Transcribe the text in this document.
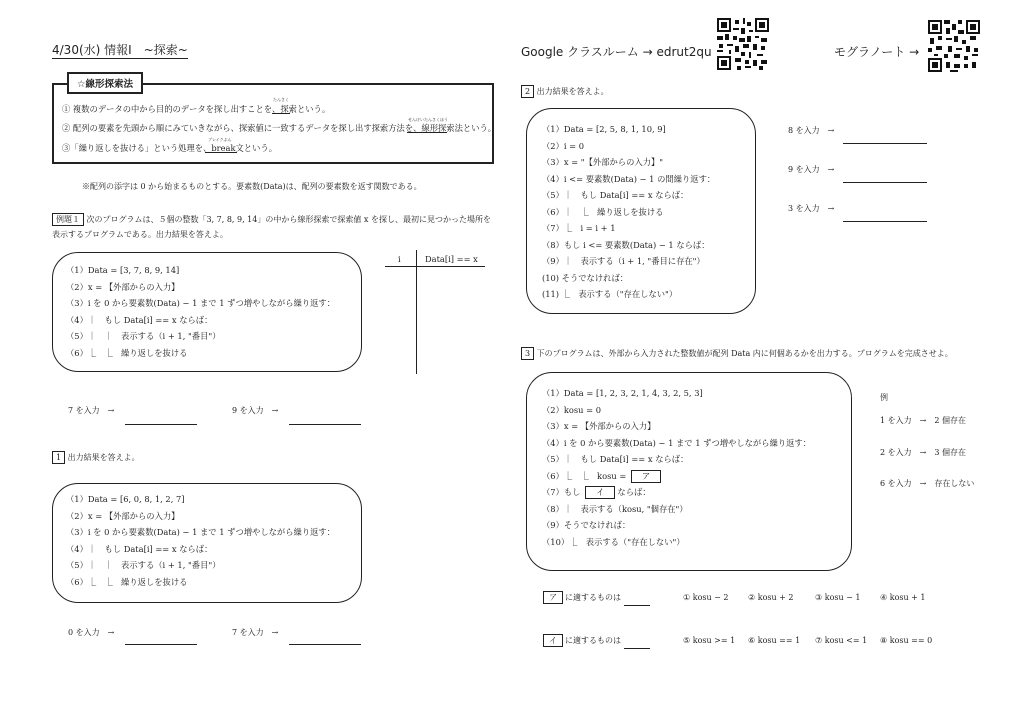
4/30(水) 情報Ⅰ　~探索~	Google クラスルーム → edrut2qu	モグラノート →
☆線形探索法
① 複数のデータの中から目的のデータを探し出すことを、探索という。
② 配列の要素を先頭から順にみていきながら、探索値に一致するデータを探し出す探索方法を、線形探索法という。
③「繰り返しを抜ける」という処理を、break文という。
たんさく
せんけいたんさくほう
ブレイクぶん
※配列の添字は 0 から始まるものとする。要素数(Data)は、配列の要素数を返す関数である。
例題１ 次のプログラムは、５個の整数「3, 7, 8, 9, 14」の中から線形探索で探索値 x を探し、最初に見つかった場所を
表示するプログラムである。出力結果を答えよ。
（1）Data = [3, 7, 8, 9, 14]
（2）x = 【外部からの入力】
（3）i を 0 から要素数(Data) − 1 まで 1 ずつ増やしながら繰り返す：
（4）｜　もし Data[i] == x ならば：
（5）｜　｜　表示する（i + 1, "番目"）
（6）⎿　⎿　繰り返しを抜ける
i	Data[i] == x
7 を入力　→	9 を入力　→
1 出力結果を答えよ。
（1）Data = [6, 0, 8, 1, 2, 7]
（2）x = 【外部からの入力】
（3）i を 0 から要素数(Data) − 1 まで 1 ずつ増やしながら繰り返す：
（4）｜　もし Data[i] == x ならば：
（5）｜　｜　表示する（i + 1, "番目"）
（6）⎿　⎿　繰り返しを抜ける
0 を入力　→	7 を入力　→
2 出力結果を答えよ。
（1）Data = [2, 5, 8, 1, 10, 9]
（2）i = 0
（3）x = "【外部からの入力】"
（4）i <= 要素数(Data) − 1 の間繰り返す：
（5）｜　もし Data[i] == x ならば：
（6）｜　⎿　繰り返しを抜ける
（7）⎿　i = i + 1
（8）もし i <= 要素数(Data) − 1 ならば：
（9）｜　表示する（i + 1, "番目に存在"）
(10) そうでなければ：
(11) ⎿　表示する（"存在しない"）
8 を入力　→
9 を入力　→
3 を入力　→
3 下のプログラムは、外部から入力された整数値が配列 Data 内に何個あるかを出力する。プログラムを完成させよ。
（1）Data = [1, 2, 3, 2, 1, 4, 3, 2, 5, 3]
（2）kosu = 0
（3）x = 【外部からの入力】
（4）i を 0 から要素数(Data) − 1 まで 1 ずつ増やしながら繰り返す：
（5）｜　もし Data[i] == x ならば：
（6）⎿　⎿　kosu = ア
（7）もし イ ならば：
（8）｜　表示する（kosu, "個存在"）
（9）そうでなければ：
（10）⎿　表示する（"存在しない"）
例
1 を入力　→　2 個存在
2 を入力　→　3 個存在
6 を入力　→　存在しない
ア に適するものは	① kosu − 2 ② kosu + 2	③ kosu − 1 ④ kosu + 1
イ に適するものは	⑤ kosu >= 1 ⑥ kosu == 1 ⑦ kosu <= 1 ⑧ kosu == 0
